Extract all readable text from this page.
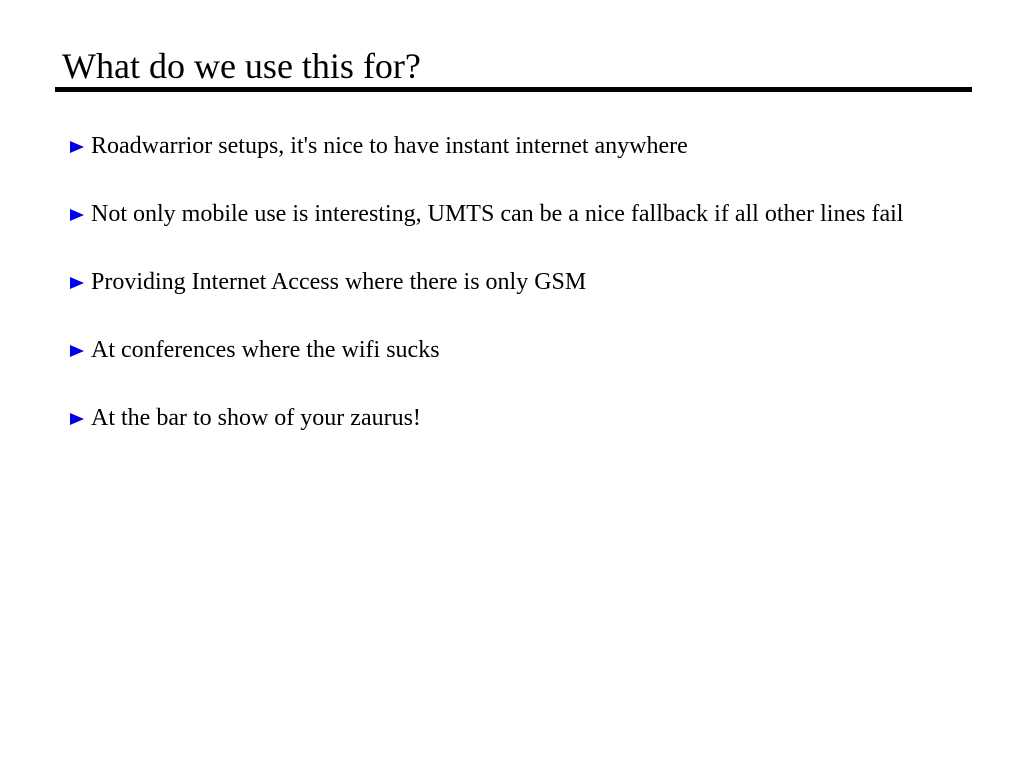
What do we use this for?
Roadwarrior setups, it's nice to have instant internet anywhere
Not only mobile use is interesting, UMTS can be a nice fallback if all other lines fail
Providing Internet Access where there is only GSM
At conferences where the wifi sucks
At the bar to show of your zaurus!
